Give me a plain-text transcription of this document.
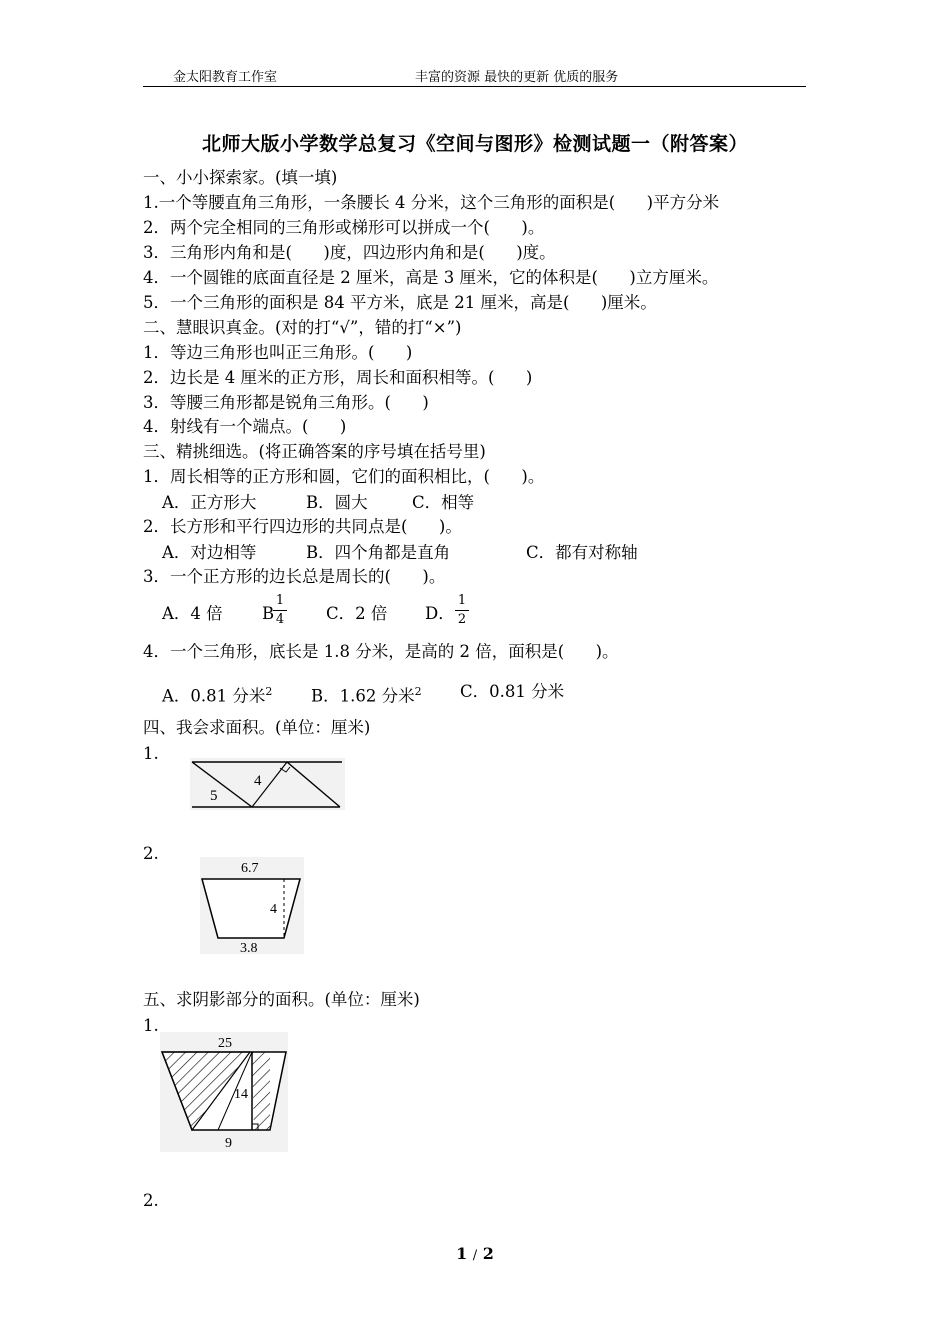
金太阳教育工作室	丰富的资源 最快的更新 优质的服务
北师大版小学数学总复习《空间与图形》检测试题一（附答案）
一、小小探索家。(填一填)
1.一个等腰直角三角形，一条腰长 4 分米，这个三角形的面积是(      )平方分米
2．两个完全相同的三角形或梯形可以拼成一个(      )。
3．三角形内角和是(      )度，四边形内角和是(      )度。
4．一个圆锥的底面直径是 2 厘米，高是 3 厘米，它的体积是(      )立方厘米。
5．一个三角形的面积是 84 平方米，底是 21 厘米，高是(      )厘米。
二、慧眼识真金。(对的打“√”，错的打“×”)
1．等边三角形也叫正三角形。(      )
2．边长是 4 厘米的正方形，周长和面积相等。(      )
3．等腰三角形都是锐角三角形。(      )
4．射线有一个端点。(      )
三、精挑细选。(将正确答案的序号填在括号里)
1．周长相等的正方形和圆，它们的面积相比，(      )。
A．正方形大	B．圆大	C．相等
2．长方形和平行四边形的共同点是(      )。
A．对边相等	B．四个角都是直角	C．都有对称轴
3．一个正方形的边长总是周长的(      )。
A．4 倍 B
1
4	C．2 倍 D．
1
2
4．一个三角形，底长是 1.8 分米，是高的 2 倍，面积是(      )。
A．0.81 分米$^2$ B．1.62 分米$^2$ C．0.81 分米
四、我会求面积。(单位：厘米)
1.
5
4
2.
6.7
4
3.8
五、求阴影部分的面积。(单位：厘米)
1.
25
14
9
2.
1 / 2
